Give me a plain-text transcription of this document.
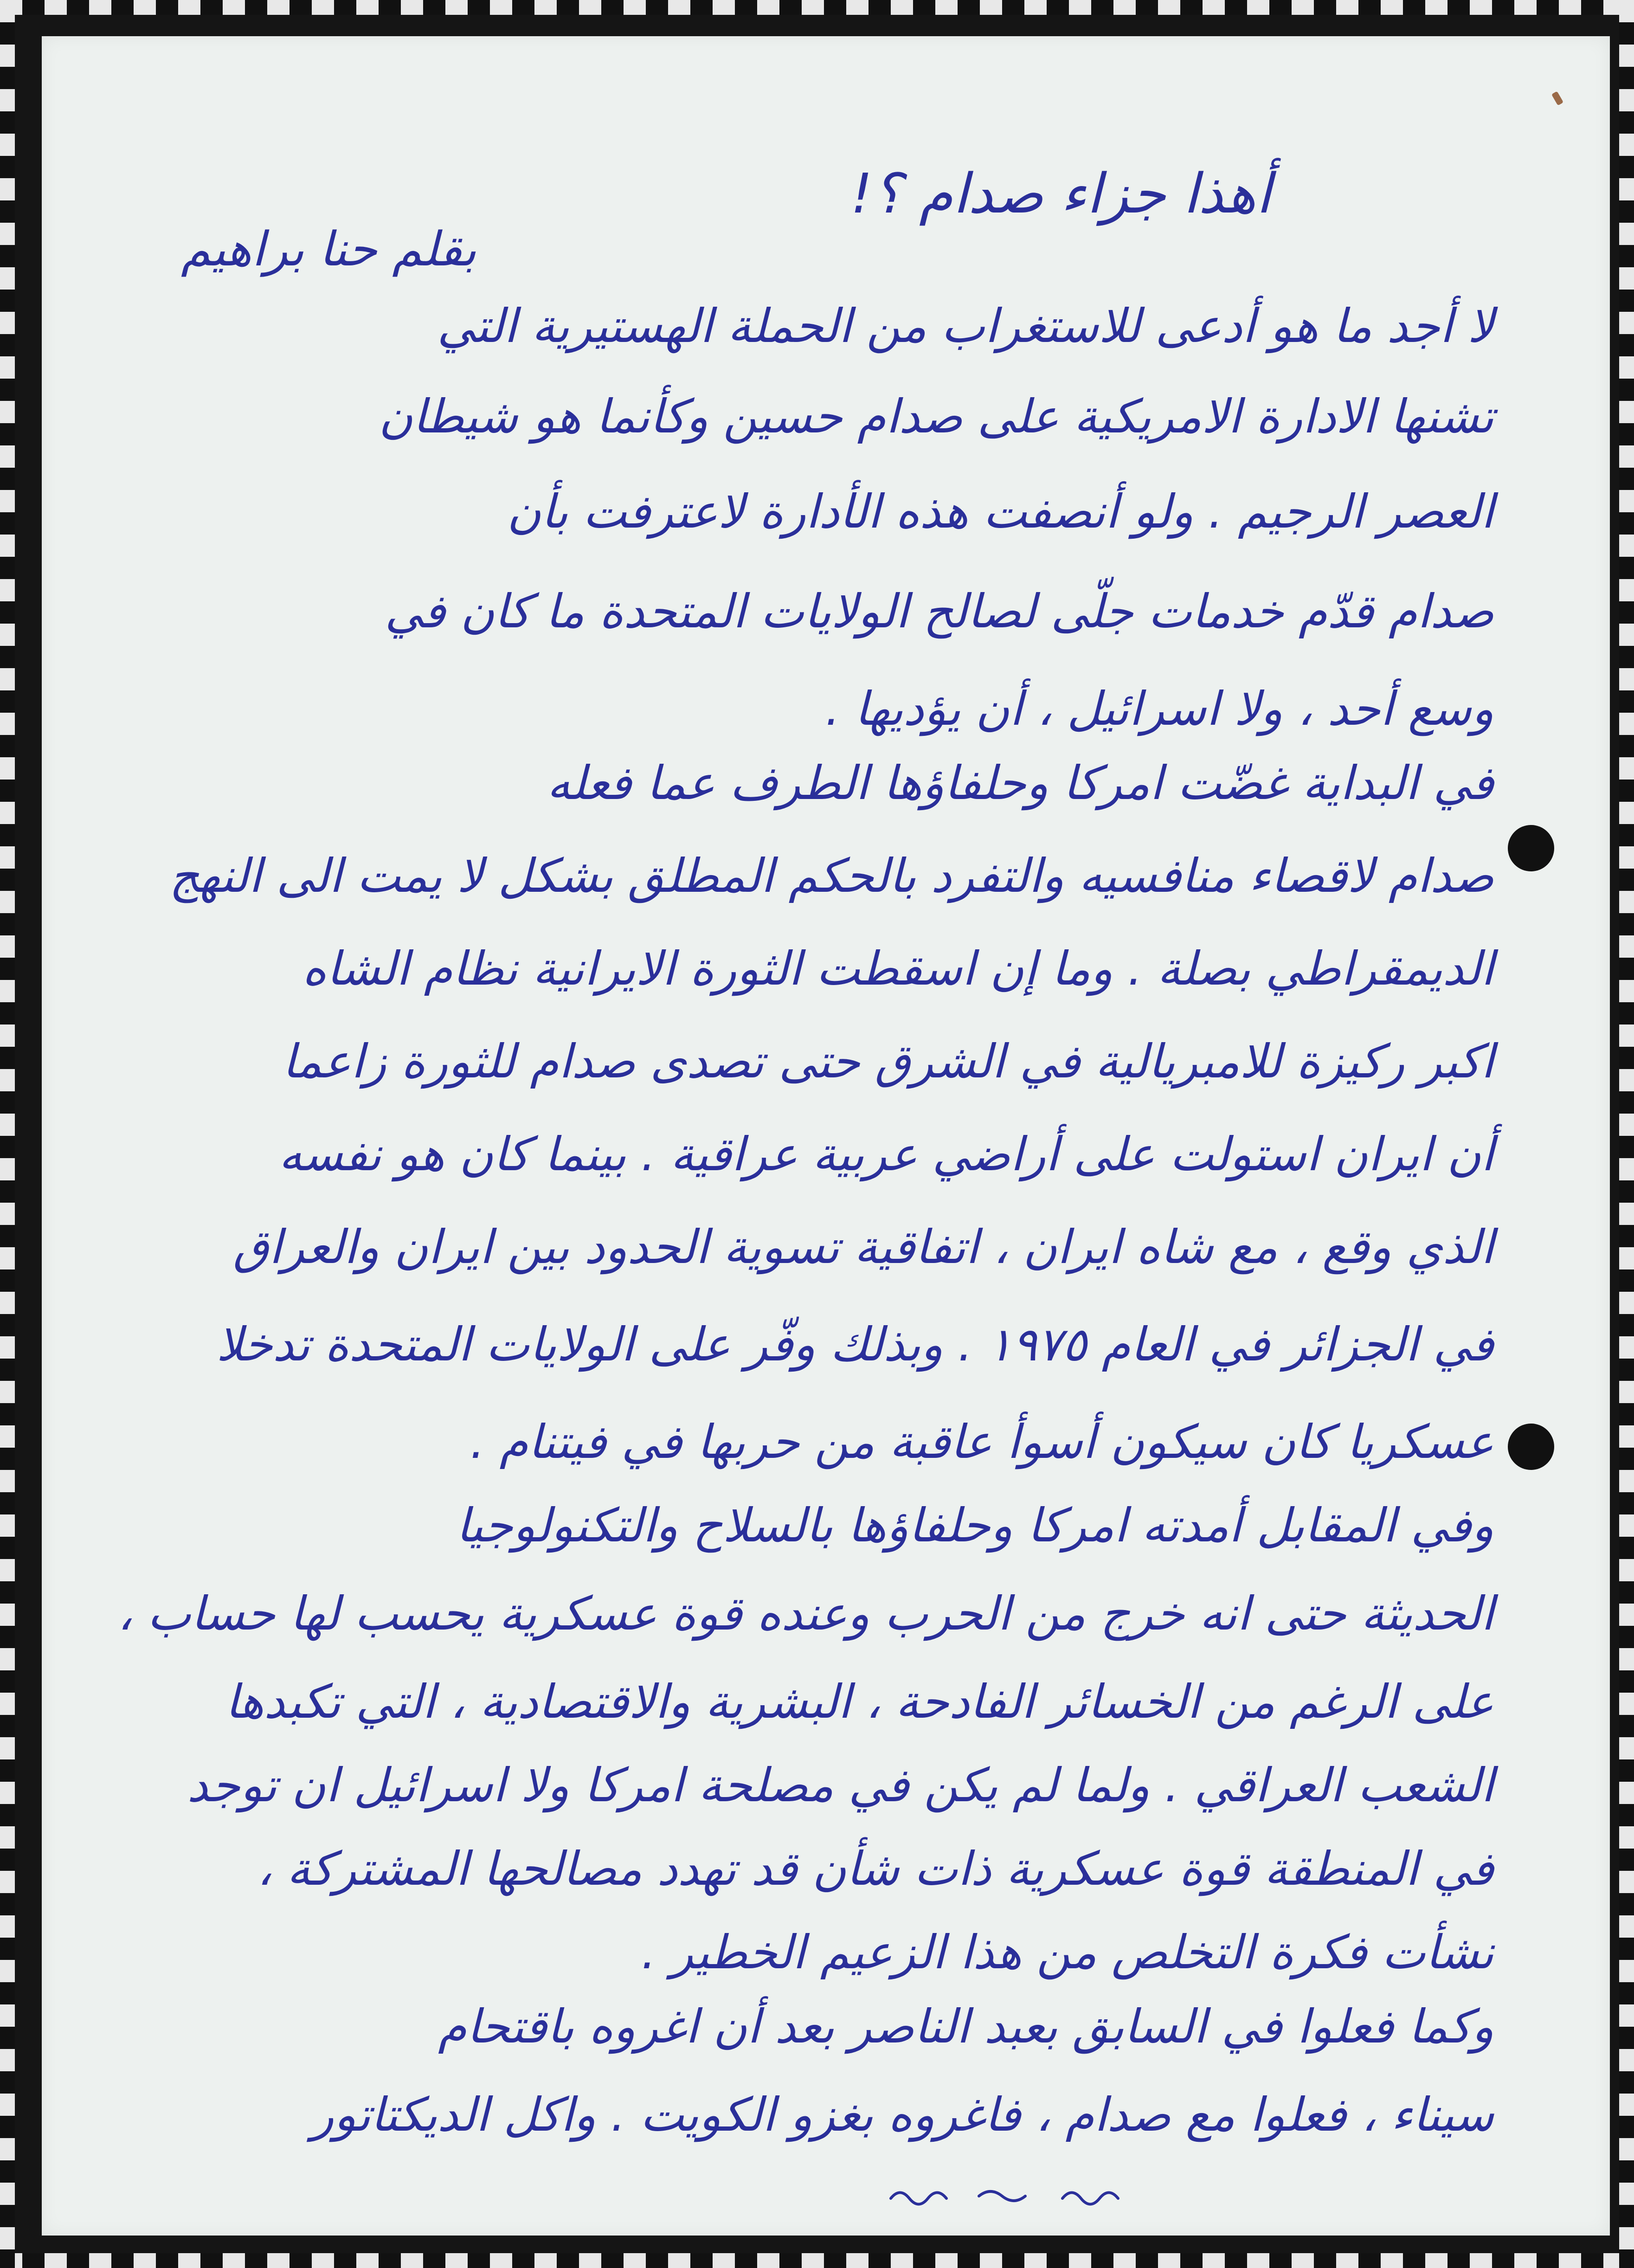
أهذا جزاء صدام ؟!
بقلم حنا براهيم
لا أجد ما هو أدعى للاستغراب من الحملة الهستيرية التي
تشنها الادارة الامريكية على صدام حسين وكأنما هو شيطان
العصر الرجيم . ولو أنصفت هذه الأدارة لاعترفت بأن
صدام قدّم خدمات جلّى لصالح الولايات المتحدة ما كان في
وسع أحد ، ولا اسرائيل ، أن يؤديها .
في البداية غضّت امركا وحلفاؤها الطرف عما فعله
صدام لاقصاء منافسيه والتفرد بالحكم المطلق بشكل لا يمت الى النهج
الديمقراطي بصلة . وما إن اسقطت الثورة الايرانية نظام الشاه
اكبر ركيزة للامبريالية في الشرق حتى تصدى صدام للثورة زاعما
أن ايران استولت على أراضي عربية عراقية . بينما كان هو نفسه
الذي وقع ، مع شاه ايران ، اتفاقية تسوية الحدود بين ايران والعراق
في الجزائر في العام ١٩٧٥ . وبذلك وفّر على الولايات المتحدة تدخلا
عسكريا كان سيكون أسوأ عاقبة من حربها في فيتنام .
وفي المقابل أمدته امركا وحلفاؤها بالسلاح والتكنولوجيا
الحديثة حتى انه خرج من الحرب وعنده قوة عسكرية يحسب لها حساب ،
على الرغم من الخسائر الفادحة ، البشرية والاقتصادية ، التي تكبدها
الشعب العراقي . ولما لم يكن في مصلحة امركا ولا اسرائيل ان توجد
في المنطقة قوة عسكرية ذات شأن قد تهدد مصالحها المشتركة ،
نشأت فكرة التخلص من هذا الزعيم الخطير .
وكما فعلوا في السابق بعبد الناصر بعد أن اغروه باقتحام
سيناء ، فعلوا مع صدام ، فاغروه بغزو الكويت . واكل الديكتاتور
